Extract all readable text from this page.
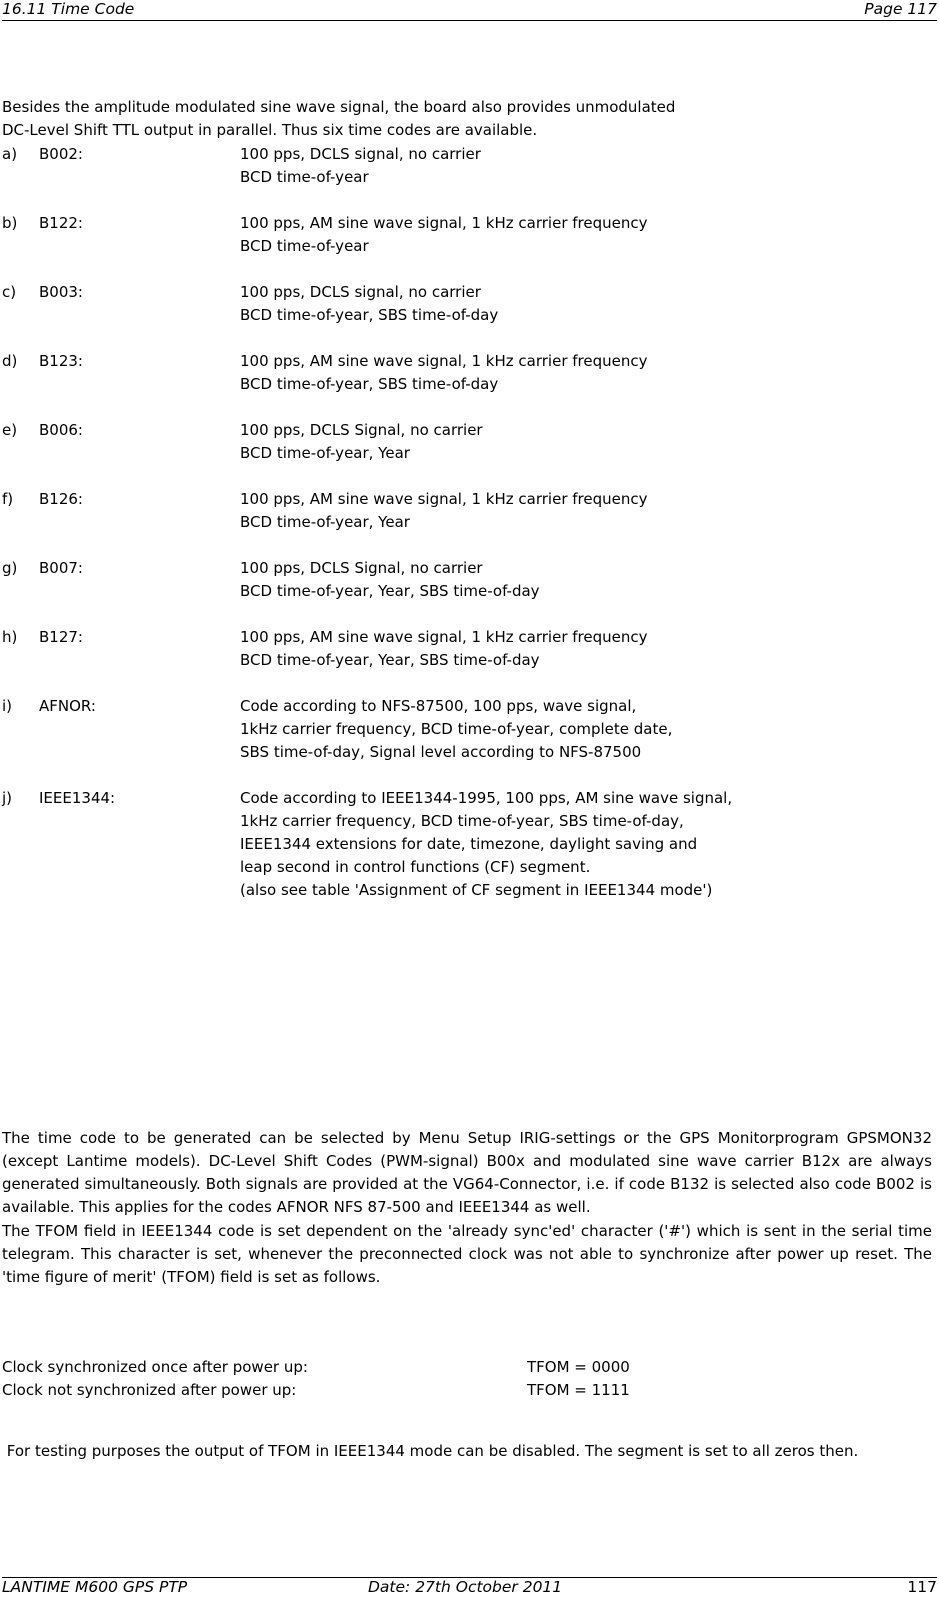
16.11 Time Code	Page 117

Besides the amplitude modulated sine wave signal, the board also provides unmodulated

DC-Level Shift TTL output in parallel. Thus six time codes are available.

a) B002:	100 pps, DCLS signal, no carrier
BCD time-of-year
b) B122:	100 pps, AM sine wave signal, 1 kHz carrier frequency
BCD time-of-year
c) B003:	100 pps, DCLS signal, no carrier
BCD time-of-year, SBS time-of-day
d) B123:	100 pps, AM sine wave signal, 1 kHz carrier frequency
BCD time-of-year, SBS time-of-day
e) B006:	100 pps, DCLS Signal, no carrier
BCD time-of-year, Year
f) B126:	100 pps, AM sine wave signal, 1 kHz carrier frequency
BCD time-of-year, Year
g) B007:	100 pps, DCLS Signal, no carrier
BCD time-of-year, Year, SBS time-of-day
h) B127:	100 pps, AM sine wave signal, 1 kHz carrier frequency
BCD time-of-year, Year, SBS time-of-day
i) AFNOR:	Code according to NFS-87500, 100 pps, wave signal,
1kHz carrier frequency, BCD time-of-year, complete date,
SBS time-of-day, Signal level according to NFS-87500
j) IEEE1344:	Code according to IEEE1344-1995, 100 pps, AM sine wave signal,
1kHz carrier frequency, BCD time-of-year, SBS time-of-day,
IEEE1344 extensions for date, timezone, daylight saving and
leap second in control functions (CF) segment.
(also see table 'Assignment of CF segment in IEEE1344 mode')

The time code to be generated can be selected by Menu Setup IRIG-settings or the GPS Monitorprogram GPSMON32 (except Lantime models). DC-Level Shift Codes (PWM-signal) B00x and modulated sine wave carrier B12x are always generated simultaneously. Both signals are provided at the VG64-Connector, i.e. if code B132 is selected also code B002 is available. This applies for the codes AFNOR NFS 87-500 and IEEE1344 as well.

The TFOM field in IEEE1344 code is set dependent on the 'already sync'ed' character ('#') which is sent in the serial time telegram. This character is set, whenever the preconnected clock was not able to synchronize after power up reset. The 'time figure of merit' (TFOM) field is set as follows.

Clock synchronized once after power up:	TFOM = 0000
Clock not synchronized after power up:	TFOM = 1111

For testing purposes the output of TFOM in IEEE1344 mode can be disabled. The segment is set to all zeros then.

LANTIME M600 GPS PTP	Date: 27th October 2011	117
